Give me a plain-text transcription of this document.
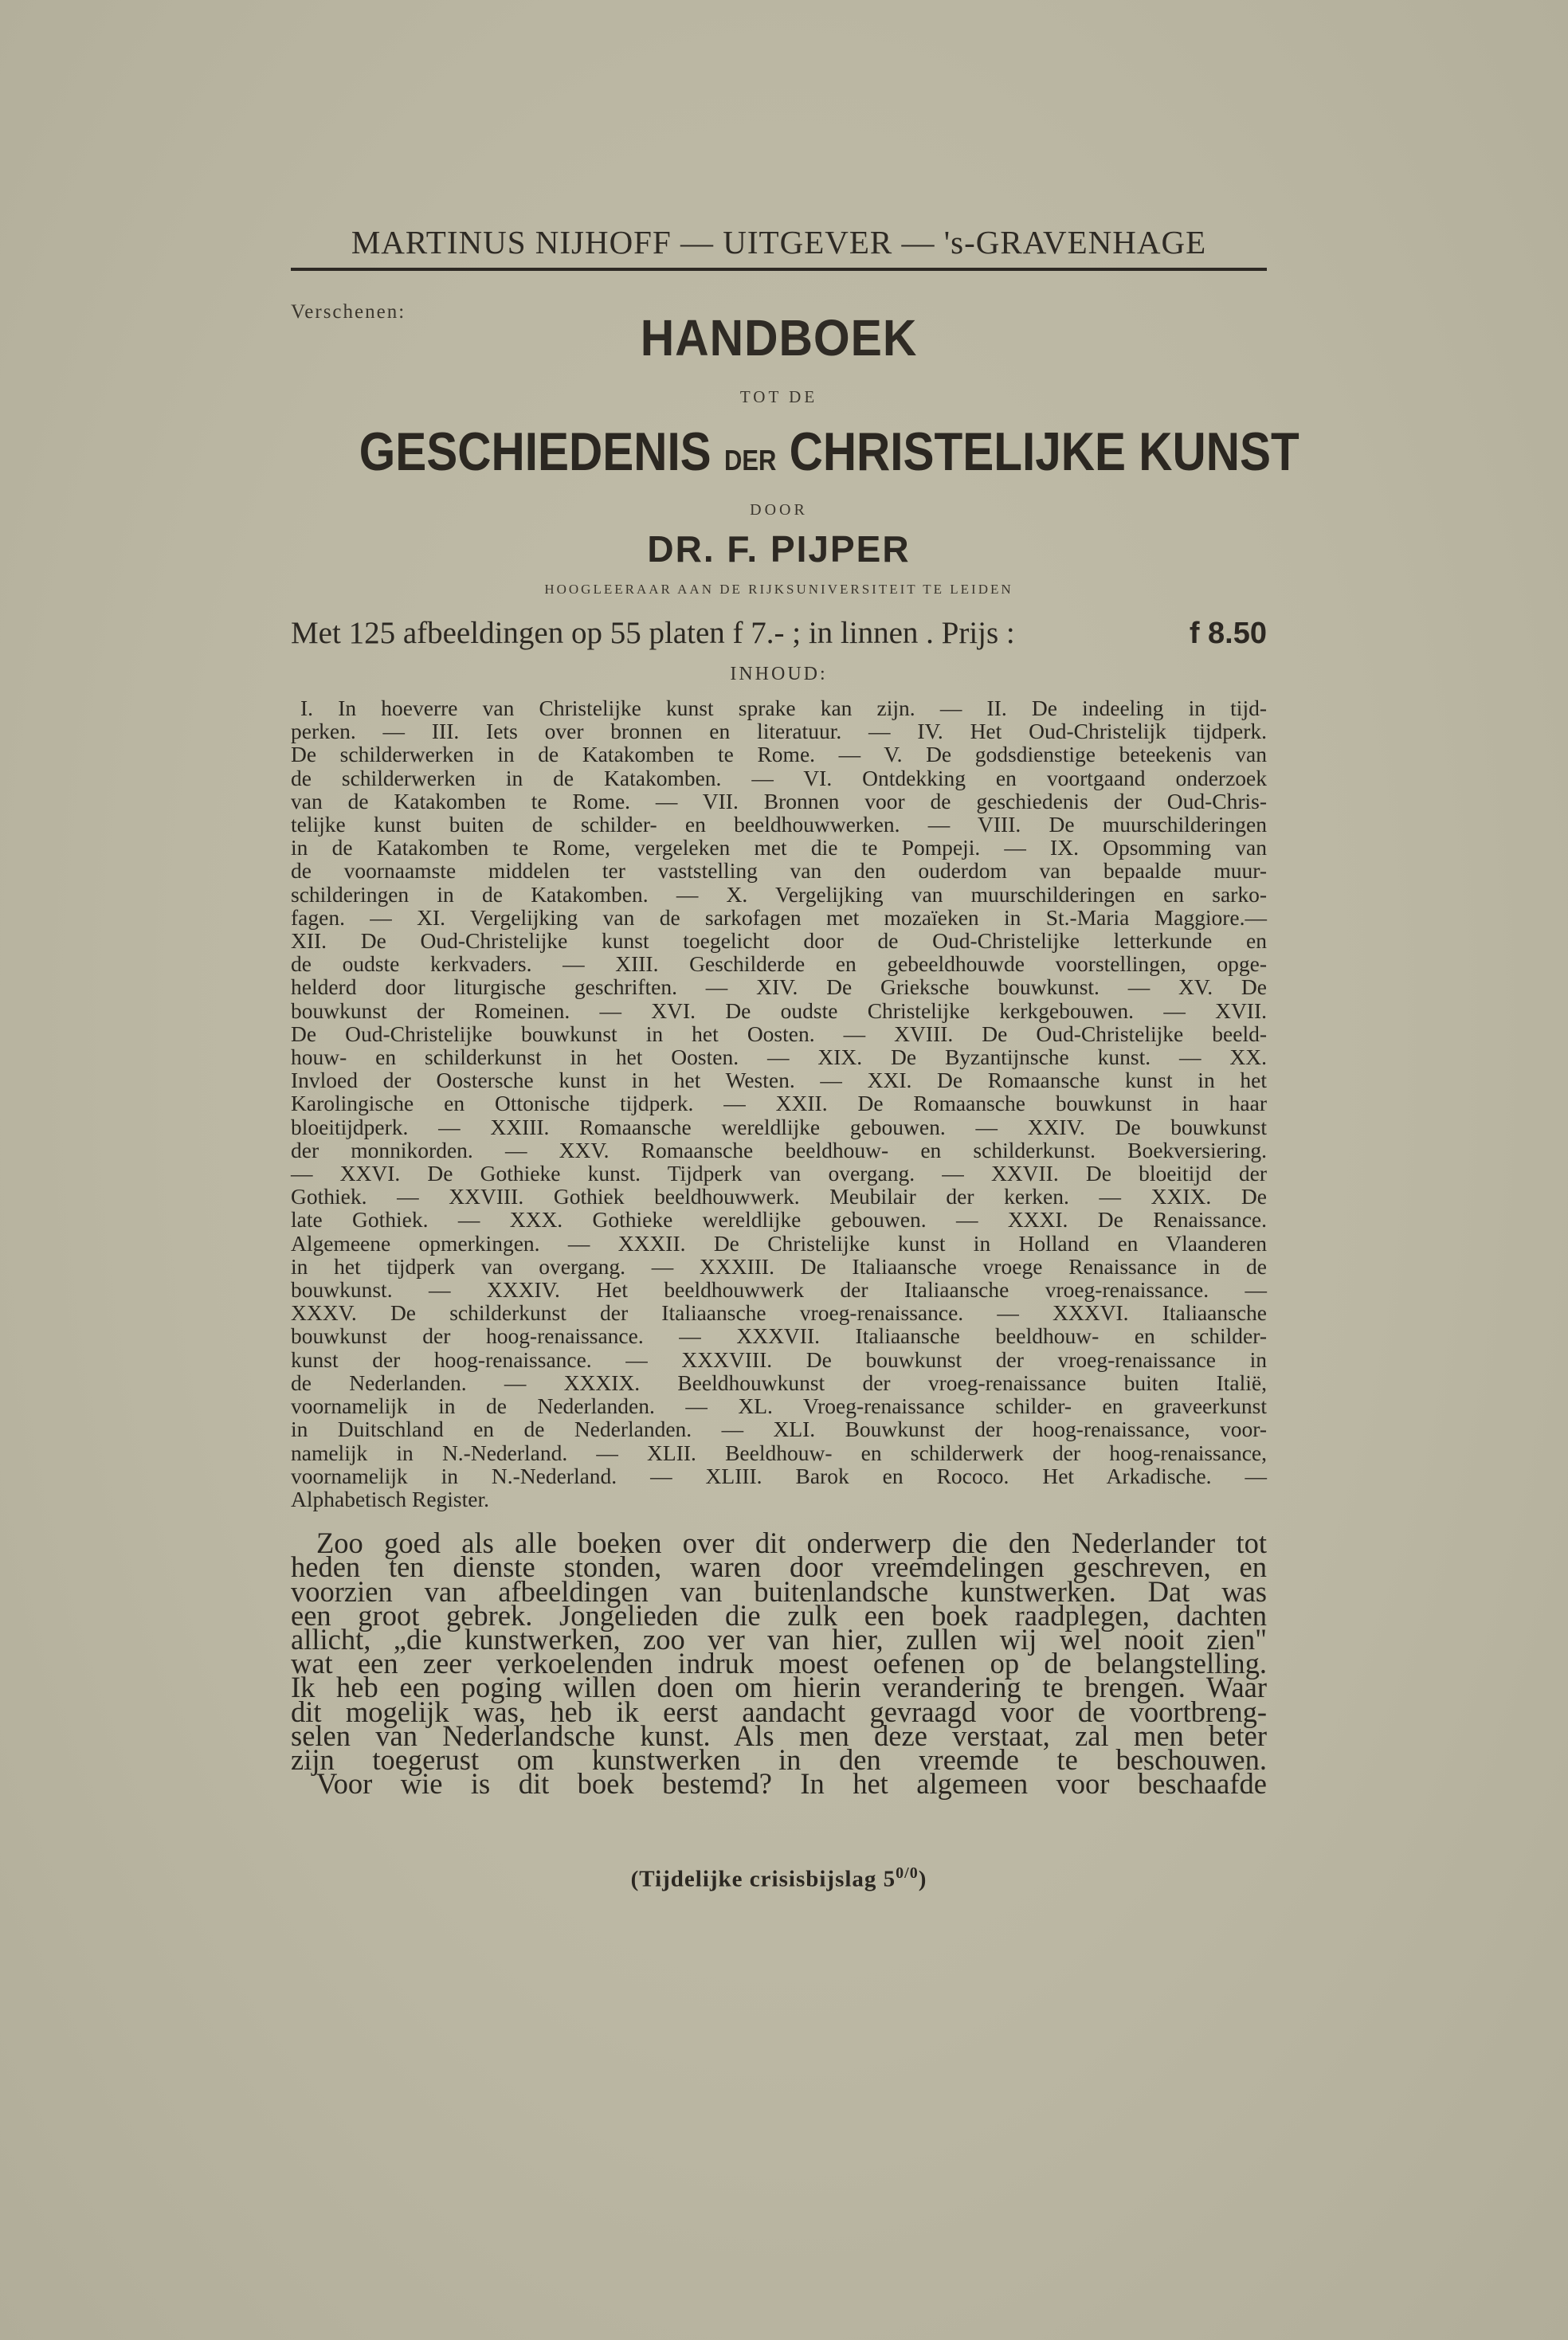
MARTINUS NIJHOFF — UITGEVER — 's-GRAVENHAGE
Verschenen:	HANDBOEK
TOT DE
GESCHIEDENIS DER CHRISTELIJKE KUNST
DOOR
DR. F. PIJPER
HOOGLEERAAR AAN DE RIJKSUNIVERSITEIT TE LEIDEN
Met 125 afbeeldingen op 55 platen f 7.- ; in linnen . Prijs :	f 8.50
INHOUD:
I. In hoeverre van Christelijke kunst sprake kan zijn. — II. De indeeling in tijd-
perken. — III. Iets over bronnen en literatuur. — IV. Het Oud-Christelijk tijdperk.
De schilderwerken in de Katakomben te Rome. — V. De godsdienstige beteekenis van
de schilderwerken in de Katakomben. — VI. Ontdekking en voortgaand onderzoek
van de Katakomben te Rome. — VII. Bronnen voor de geschiedenis der Oud-Chris-
telijke kunst buiten de schilder- en beeldhouwwerken. — VIII. De muurschilderingen
in de Katakomben te Rome, vergeleken met die te Pompeji. — IX. Opsomming van
de voornaamste middelen ter vaststelling van den ouderdom van bepaalde muur-
schilderingen in de Katakomben. — X. Vergelijking van muurschilderingen en sarko-
fagen. — XI. Vergelijking van de sarkofagen met mozaïeken in St.-Maria Maggiore.—
XII. De Oud-Christelijke kunst toegelicht door de Oud-Christelijke letterkunde en
de oudste kerkvaders. — XIII. Geschilderde en gebeeldhouwde voorstellingen, opge-
helderd door liturgische geschriften. — XIV. De Grieksche bouwkunst. — XV. De
bouwkunst der Romeinen. — XVI. De oudste Christelijke kerkgebouwen. — XVII.
De Oud-Christelijke bouwkunst in het Oosten. — XVIII. De Oud-Christelijke beeld-
houw- en schilderkunst in het Oosten. — XIX. De Byzantijnsche kunst. — XX.
Invloed der Oostersche kunst in het Westen. — XXI. De Romaansche kunst in het
Karolingische en Ottonische tijdperk. — XXII. De Romaansche bouwkunst in haar
bloeitijdperk. — XXIII. Romaansche wereldlijke gebouwen. — XXIV. De bouwkunst
der monnikorden. — XXV. Romaansche beeldhouw- en schilderkunst. Boekversiering.
— XXVI. De Gothieke kunst. Tijdperk van overgang. — XXVII. De bloeitijd der
Gothiek. — XXVIII. Gothiek beeldhouwwerk. Meubilair der kerken. — XXIX. De
late Gothiek. — XXX. Gothieke wereldlijke gebouwen. — XXXI. De Renaissance.
Algemeene opmerkingen. — XXXII. De Christelijke kunst in Holland en Vlaanderen
in het tijdperk van overgang. — XXXIII. De Italiaansche vroege Renaissance in de
bouwkunst. — XXXIV. Het beeldhouwwerk der Italiaansche vroeg-renaissance. —
XXXV. De schilderkunst der Italiaansche vroeg-renaissance. — XXXVI. Italiaansche
bouwkunst der hoog-renaissance. — XXXVII. Italiaansche beeldhouw- en schilder-
kunst der hoog-renaissance. — XXXVIII. De bouwkunst der vroeg-renaissance in
de Nederlanden. — XXXIX. Beeldhouwkunst der vroeg-renaissance buiten Italië,
voornamelijk in de Nederlanden. — XL. Vroeg-renaissance schilder- en graveerkunst
in Duitschland en de Nederlanden. — XLI. Bouwkunst der hoog-renaissance, voor-
namelijk in N.-Nederland. — XLII. Beeldhouw- en schilderwerk der hoog-renaissance,
voornamelijk in N.-Nederland. — XLIII. Barok en Rococo. Het Arkadische. —
Alphabetisch Register.
Zoo goed als alle boeken over dit onderwerp die den Nederlander tot
heden ten dienste stonden, waren door vreemdelingen geschreven, en
voorzien van afbeeldingen van buitenlandsche kunstwerken. Dat was
een groot gebrek. Jongelieden die zulk een boek raadplegen, dachten
allicht, „die kunstwerken, zoo ver van hier, zullen wij wel nooit zien"
wat een zeer verkoelenden indruk moest oefenen op de belangstelling.
Ik heb een poging willen doen om hierin verandering te brengen. Waar
dit mogelijk was, heb ik eerst aandacht gevraagd voor de voortbreng-
selen van Nederlandsche kunst. Als men deze verstaat, zal men beter
zijn toegerust om kunstwerken in den vreemde te beschouwen.
Voor wie is dit boek bestemd? In het algemeen voor beschaafde
(Tijdelijke crisisbijslag $5^{0/0}$)
